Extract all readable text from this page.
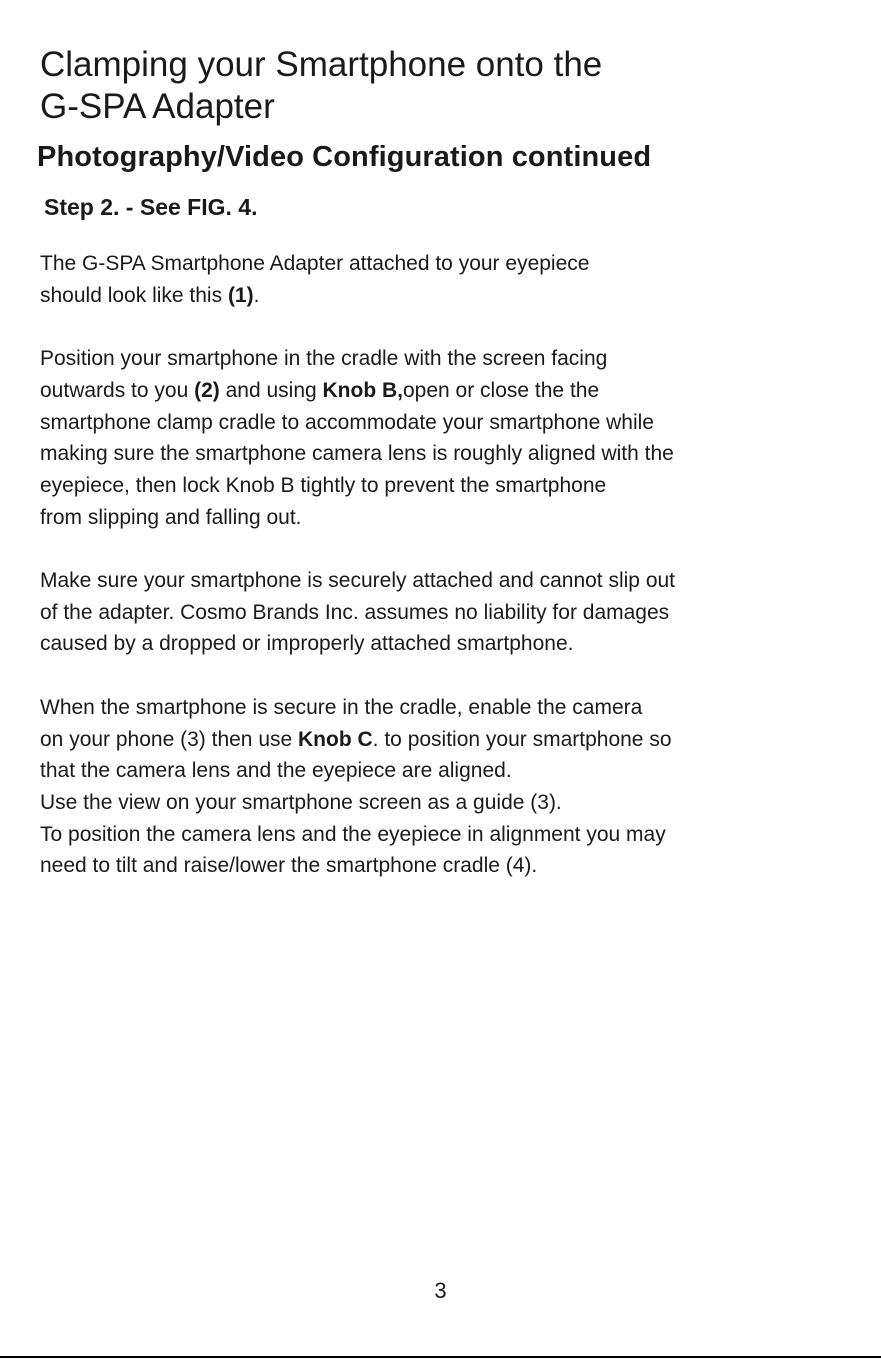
Clamping your Smartphone onto the
G-SPA Adapter
Photography/Video Configuration continued
Step 2. - See FIG. 4.

The G-SPA Smartphone Adapter attached to your eyepiece
should look like this (1).

Position your smartphone in the cradle with the screen facing
outwards to you (2) and using Knob B,open or close the the
smartphone clamp cradle to accommodate your smartphone while
making sure the smartphone camera lens is roughly aligned with the
eyepiece, then lock Knob B tightly to prevent the smartphone
from slipping and falling out.

Make sure your smartphone is securely attached and cannot slip out
of the adapter. Cosmo Brands Inc. assumes no liability for damages
caused by a dropped or improperly attached smartphone.

When the smartphone is secure in the cradle, enable the camera
on your phone (3) then use Knob C. to position your smartphone so
that the camera lens and the eyepiece are aligned.
Use the view on your smartphone screen as a guide (3).
To position the camera lens and the eyepiece in alignment you may
need to tilt and raise/lower the smartphone cradle (4).

3
